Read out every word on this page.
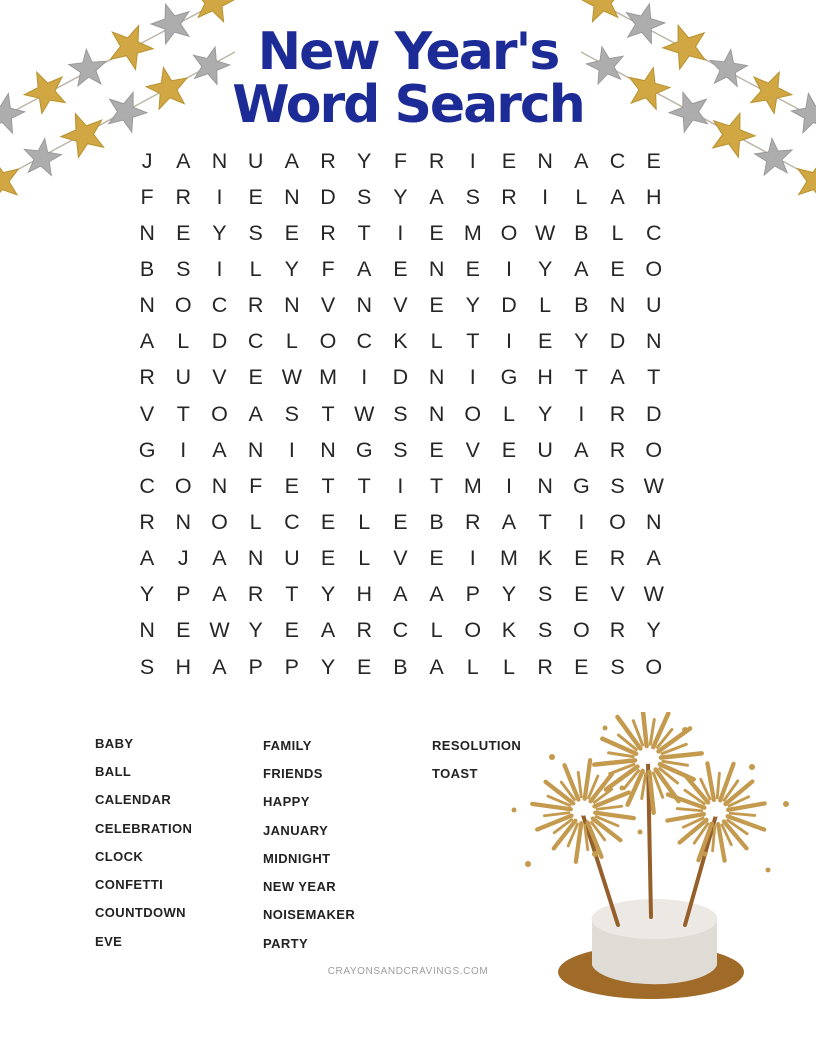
New Year's
Word Search
J	A N U A R Y	F	R	I	E N A C E
F	R	I	E N D S	Y	A	S R	I	L	A H
N E	Y	S	E R	T	I	E M O W B	L	C
B	S	I	L	Y	F	A	E N E	I	Y	A	E O
N O C R N V N V	E	Y D	L	B N U
A	L	D C	L	O C K	L	T	I	E	Y D N
R U V	E W M	I	D N	I	G H	T	A	T
V	T O A	S	T W S N O	L	Y	I	R D
G	I	A N	I	N G S	E	V	E U A R O
C O N	F	E	T	T	I	T M	I	N G S W
R N O	L	C E	L	E	B R A	T	I	O N
A	J	A N U E	L	V	E	I	M K	E R A
Y	P	A R	T	Y H A	A	P	Y	S	E	V W
N E W Y	E	A R C	L	O K	S O R Y
S H A	P	P	Y	E	B	A	L	L	R E	S O
BABY
BALL
CALENDAR
CELEBRATION
CLOCK
CONFETTI
COUNTDOWN
EVE
FAMILY
FRIENDS
HAPPY
JANUARY
MIDNIGHT
NEW YEAR
NOISEMAKER
PARTY
RESOLUTION
TOAST
CRAYONSANDCRAVINGS.COM
